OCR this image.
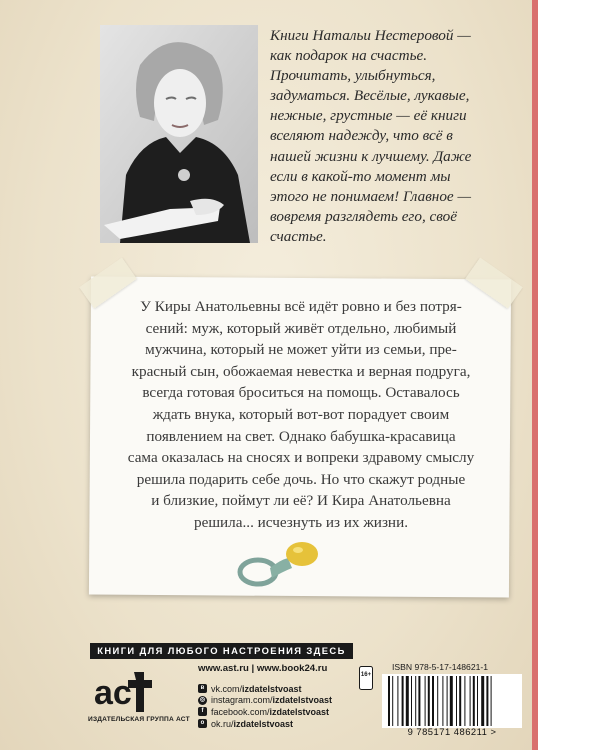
Книги Натальи Нестеровой —
как подарок на счастье.
Прочитать, улыбнуться,
задуматься. Весёлые, лукавые,
нежные, грустные — её книги
вселяют надежду, что всё в
нашей жизни к лучшему. Даже
если в какой-то момент мы
этого не понимаем! Главное —
вовремя разглядеть его, своё
счастье.
У Киры Анатольевны всё идёт ровно и без потря-
сений: муж, который живёт отдельно, любимый
мужчина, который не может уйти из семьи, пре-
красный сын, обожаемая невестка и верная подруга,
всегда готовая броситься на помощь. Оставалось
ждать внука, который вот-вот порадует своим
появлением на свет. Однако бабушка-красавица
сама оказалась на сносях и вопреки здравому смыслу
решила подарить себе дочь. Но что скажут родные
и близкие, поймут ли её? И Кира Анатольевна
решила... исчезнуть из их жизни.
КНИГИ ДЛЯ ЛЮБОГО НАСТРОЕНИЯ ЗДЕСЬ
ac
ИЗДАТЕЛЬСКАЯ ГРУППА АСТ
www.ast.ru | www.book24.ru
в vk.com/ izdatelstvoast
◎ instagram.com/ izdatelstvoast
f facebook.com/ izdatelstvoast
о ok.ru/ izdatelstvoast
16+
ISBN 978-5-17-148621-1
9 785171 486211 >
